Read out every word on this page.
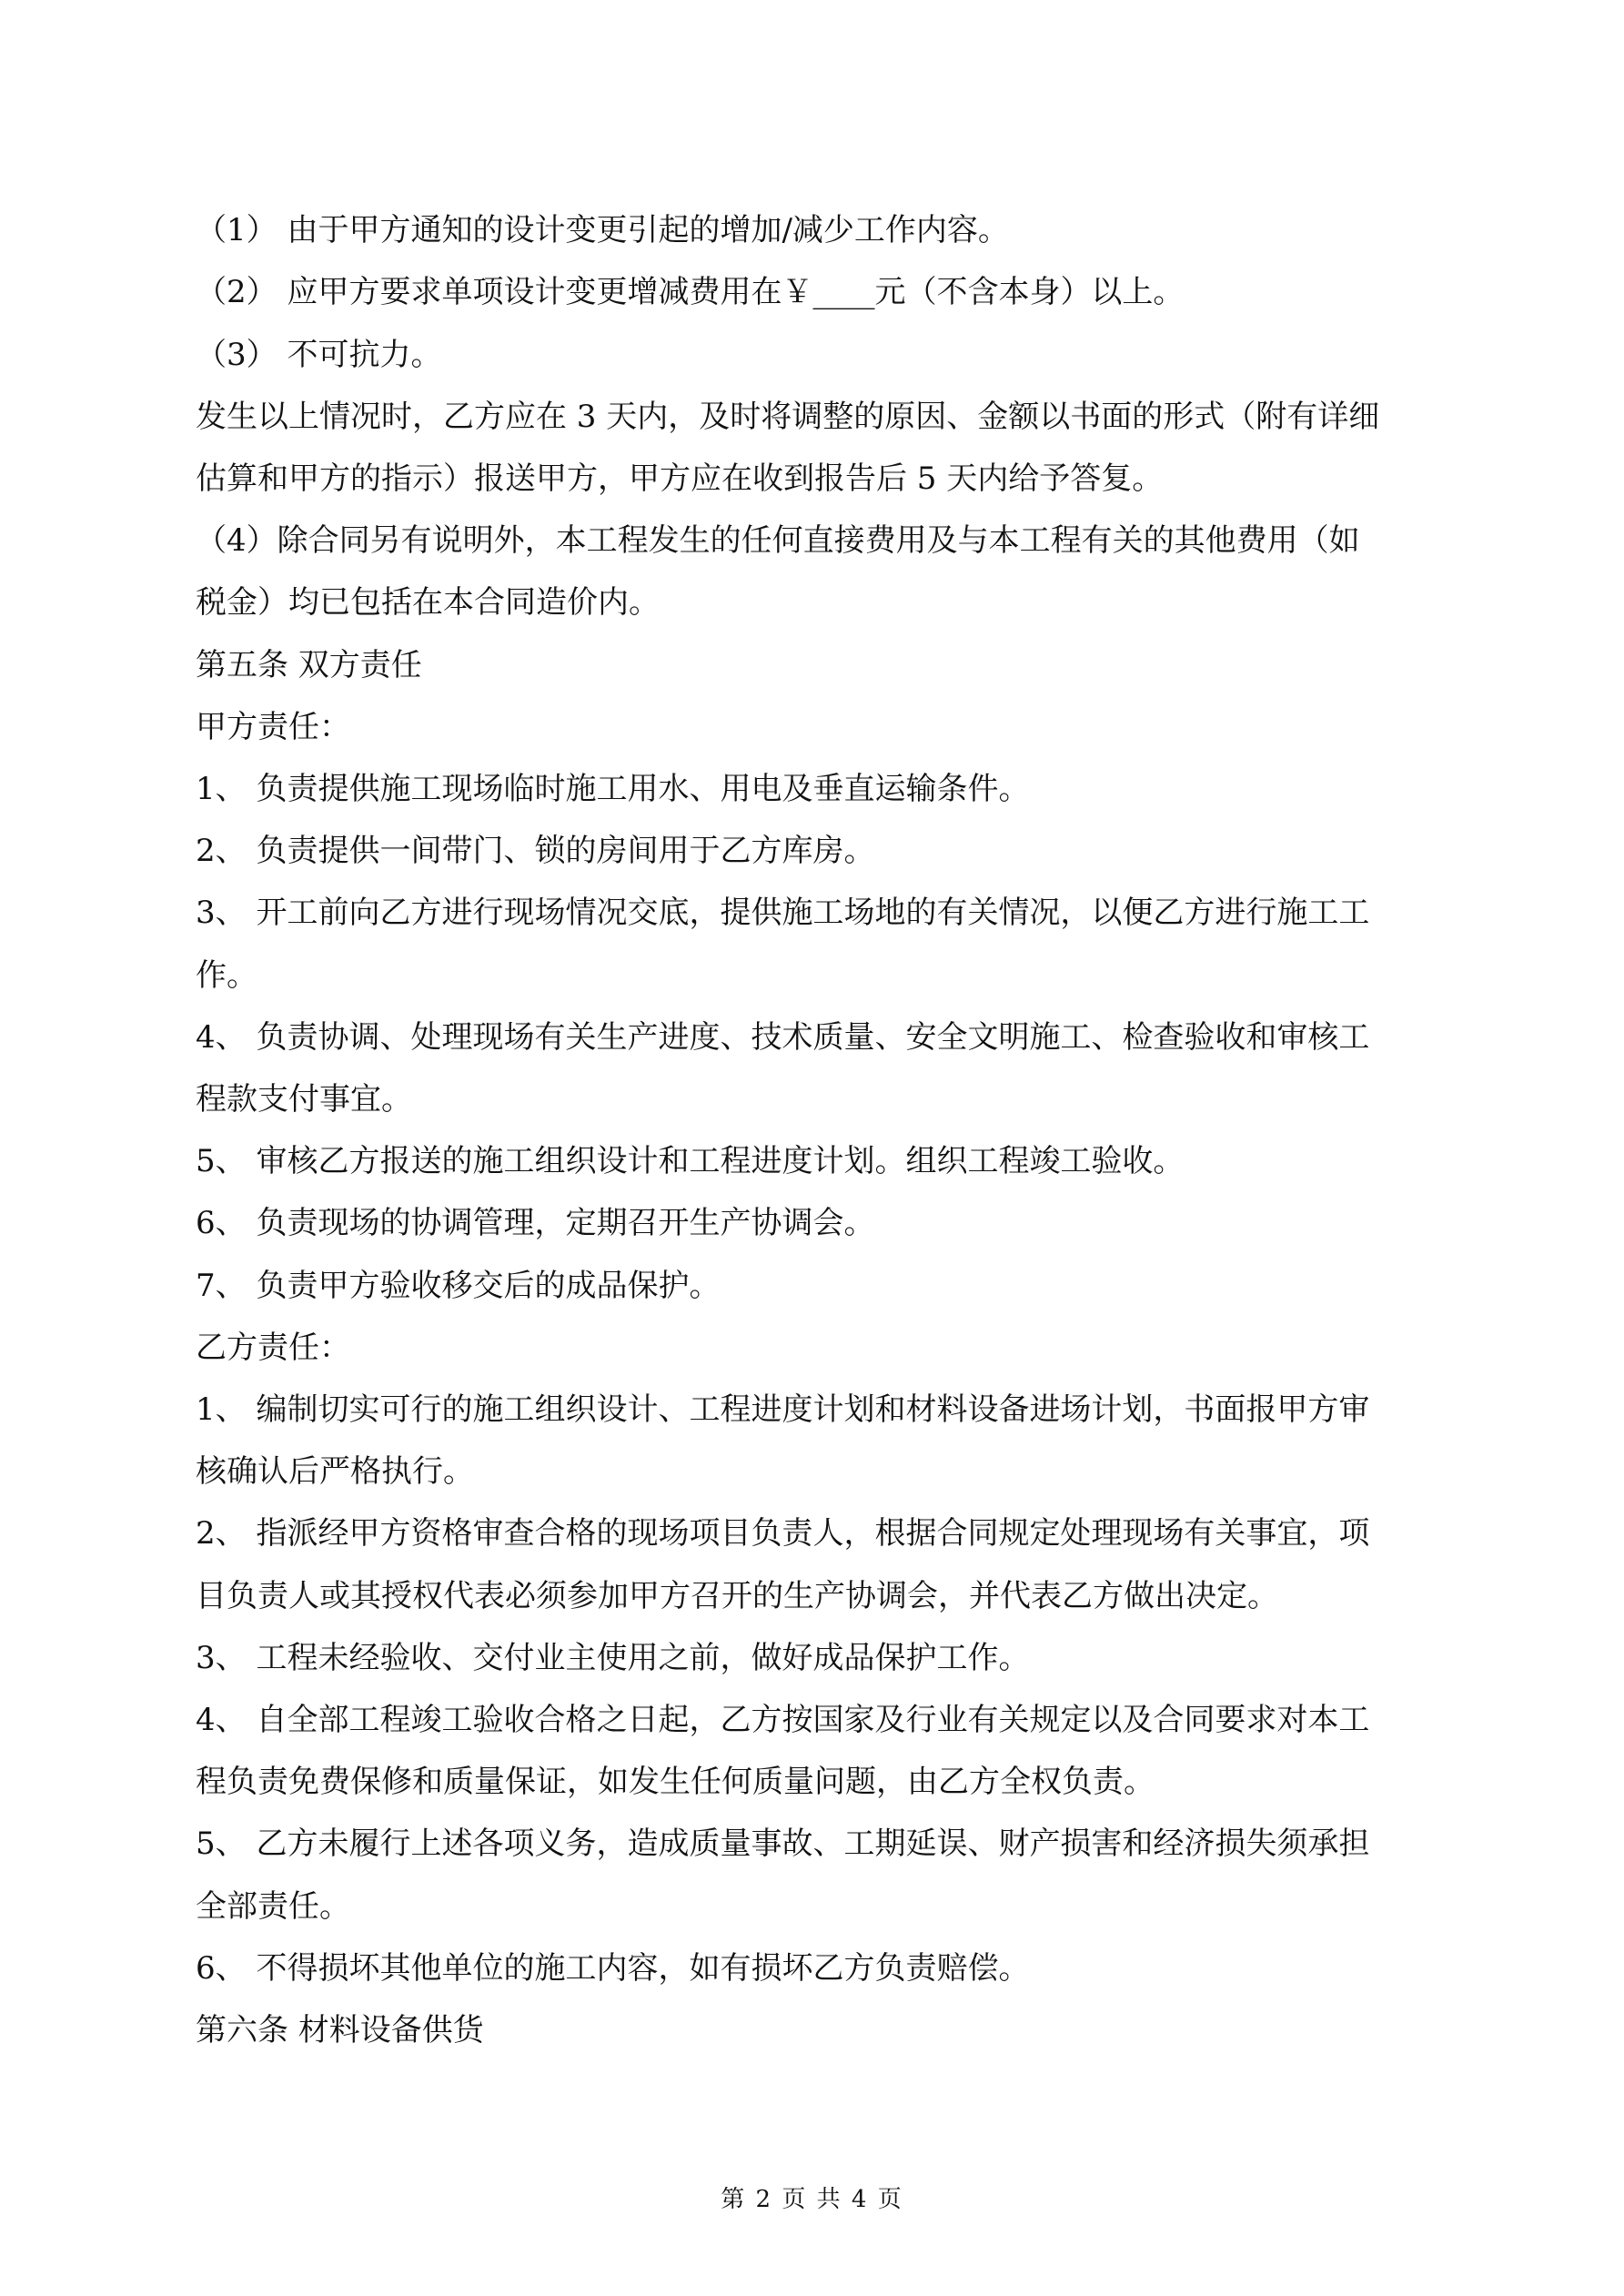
（1） 由于甲方通知的设计变更引起的增加/减少工作内容。
（2） 应甲方要求单项设计变更增减费用在￥____元（不含本身）以上。
（3） 不可抗力。
发生以上情况时，乙方应在 3 天内，及时将调整的原因、金额以书面的形式（附有详细
估算和甲方的指示）报送甲方，甲方应在收到报告后 5 天内给予答复。
（4）除合同另有说明外，本工程发生的任何直接费用及与本工程有关的其他费用（如
税金）均已包括在本合同造价内。
第五条 双方责任
甲方责任：
1、 负责提供施工现场临时施工用水、用电及垂直运输条件。
2、 负责提供一间带门、锁的房间用于乙方库房。
3、 开工前向乙方进行现场情况交底，提供施工场地的有关情况，以便乙方进行施工工
作。
4、 负责协调、处理现场有关生产进度、技术质量、安全文明施工、检查验收和审核工
程款支付事宜。
5、 审核乙方报送的施工组织设计和工程进度计划。组织工程竣工验收。
6、 负责现场的协调管理，定期召开生产协调会。
7、 负责甲方验收移交后的成品保护。
乙方责任：
1、 编制切实可行的施工组织设计、工程进度计划和材料设备进场计划，书面报甲方审
核确认后严格执行。
2、 指派经甲方资格审查合格的现场项目负责人，根据合同规定处理现场有关事宜，项
目负责人或其授权代表必须参加甲方召开的生产协调会，并代表乙方做出决定。
3、 工程未经验收、交付业主使用之前，做好成品保护工作。
4、 自全部工程竣工验收合格之日起，乙方按国家及行业有关规定以及合同要求对本工
程负责免费保修和质量保证，如发生任何质量问题，由乙方全权负责。
5、 乙方未履行上述各项义务，造成质量事故、工期延误、财产损害和经济损失须承担
全部责任。
6、 不得损坏其他单位的施工内容，如有损坏乙方负责赔偿。
第六条 材料设备供货
第 2 页 共 4 页
